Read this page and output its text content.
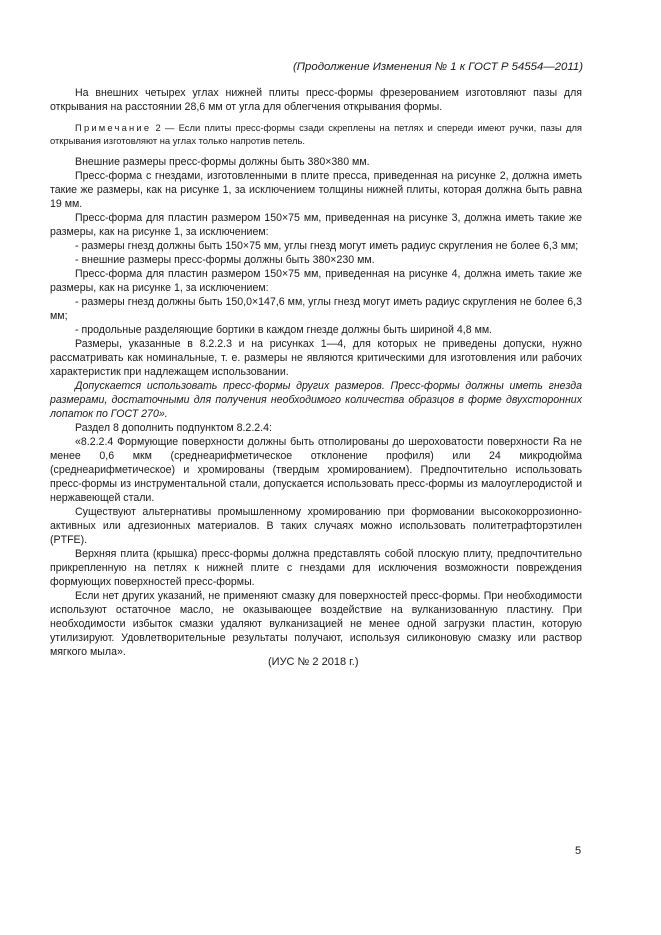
(Продолжение Изменения № 1 к ГОСТ Р 54554—2011)

На внешних четырех углах нижней плиты пресс-формы фрезерованием изготовляют пазы для открывания на расстоянии 28,6 мм от угла для облегчения открывания формы.

Примечание 2 — Если плиты пресс-формы сзади скреплены на петлях и спереди имеют ручки, пазы для открывания изготовляют на углах только напротив петель.

Внешние размеры пресс-формы должны быть 380×380 мм.

Пресс-форма с гнездами, изготовленными в плите пресса, приведенная на рисунке 2, должна иметь такие же размеры, как на рисунке 1, за исключением толщины нижней плиты, которая должна быть равна 19 мм.

Пресс-форма для пластин размером 150×75 мм, приведенная на рисунке 3, должна иметь такие же размеры, как на рисунке 1, за исключением:

- размеры гнезд должны быть 150×75 мм, углы гнезд могут иметь радиус скругления не более 6,3 мм;

- внешние размеры пресс-формы должны быть 380×230 мм.

Пресс-форма для пластин размером 150×75 мм, приведенная на рисунке 4, должна иметь такие же размеры, как на рисунке 1, за исключением:

- размеры гнезд должны быть 150,0×147,6 мм, углы гнезд могут иметь радиус скругления не более 6,3 мм;

- продольные разделяющие бортики в каждом гнезде должны быть шириной 4,8 мм.

Размеры, указанные в 8.2.2.3 и на рисунках 1—4, для которых не приведены допуски, нужно рассматривать как номинальные, т. е. размеры не являются критическими для изготовления или рабочих характеристик при надлежащем использовании.

Допускается использовать пресс-формы других размеров. Пресс-формы должны иметь гнезда размерами, достаточными для получения необходимого количества образцов в форме двухсторонних лопаток по ГОСТ 270».

Раздел 8 дополнить подпунктом 8.2.2.4:

«8.2.2.4 Формующие поверхности должны быть отполированы до шероховатости поверхности Ra не менее 0,6 мкм (среднеарифметическое отклонение профиля) или 24 микродюйма (среднеарифметическое) и хромированы (твердым хромированием). Предпочтительно использовать пресс-формы из инструментальной стали, допускается использовать пресс-формы из малоуглеродистой и нержавеющей стали.

Существуют альтернативы промышленному хромированию при формовании высококоррозионно-активных или адгезионных материалов. В таких случаях можно использовать политетрафторэтилен (PTFE).

Верхняя плита (крышка) пресс-формы должна представлять собой плоскую плиту, предпочтительно прикрепленную на петлях к нижней плите с гнездами для исключения возможности повреждения формующих поверхностей пресс-формы.

Если нет других указаний, не применяют смазку для поверхностей пресс-формы. При необходимости используют остаточное масло, не оказывающее воздействие на вулканизованную пластину. При необходимости избыток смазки удаляют вулканизацией не менее одной загрузки пластин, которую утилизируют. Удовлетворительные результаты получают, используя силиконовую смазку или раствор мягкого мыла».

(ИУС № 2 2018 г.)
5
